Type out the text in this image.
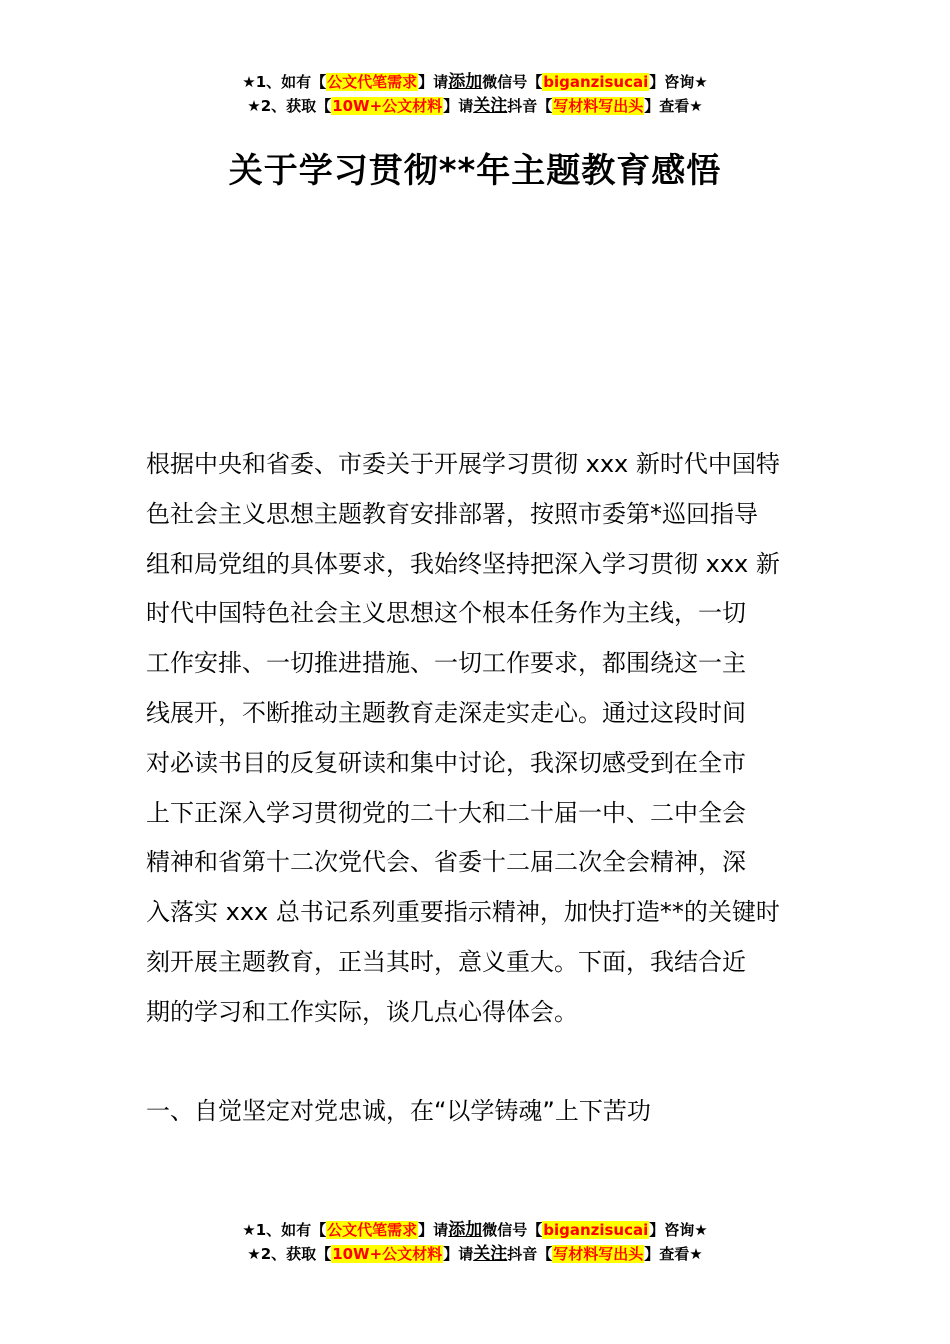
★1、如有【公文代笔需求】请添加微信号【biganzisucai】咨询★
★2、获取【10W+公文材料】请关注抖音【写材料写出头】查看★
关于学习贯彻**年主题教育感悟
根据中央和省委、市委关于开展学习贯彻 xxx 新时代中国特
色社会主义思想主题教育安排部署，按照市委第*巡回指导
组和局党组的具体要求，我始终坚持把深入学习贯彻 xxx 新
时代中国特色社会主义思想这个根本任务作为主线，一切
工作安排、一切推进措施、一切工作要求，都围绕这一主
线展开，不断推动主题教育走深走实走心。通过这段时间
对必读书目的反复研读和集中讨论，我深切感受到在全市
上下正深入学习贯彻党的二十大和二十届一中、二中全会
精神和省第十二次党代会、省委十二届二次全会精神，深
入落实 xxx 总书记系列重要指示精神，加快打造**的关键时
刻开展主题教育，正当其时，意义重大。下面，我结合近
期的学习和工作实际，谈几点心得体会。
一、自觉坚定对党忠诚，在“以学铸魂”上下苦功
★1、如有【公文代笔需求】请添加微信号【biganzisucai】咨询★
★2、获取【10W+公文材料】请关注抖音【写材料写出头】查看★
